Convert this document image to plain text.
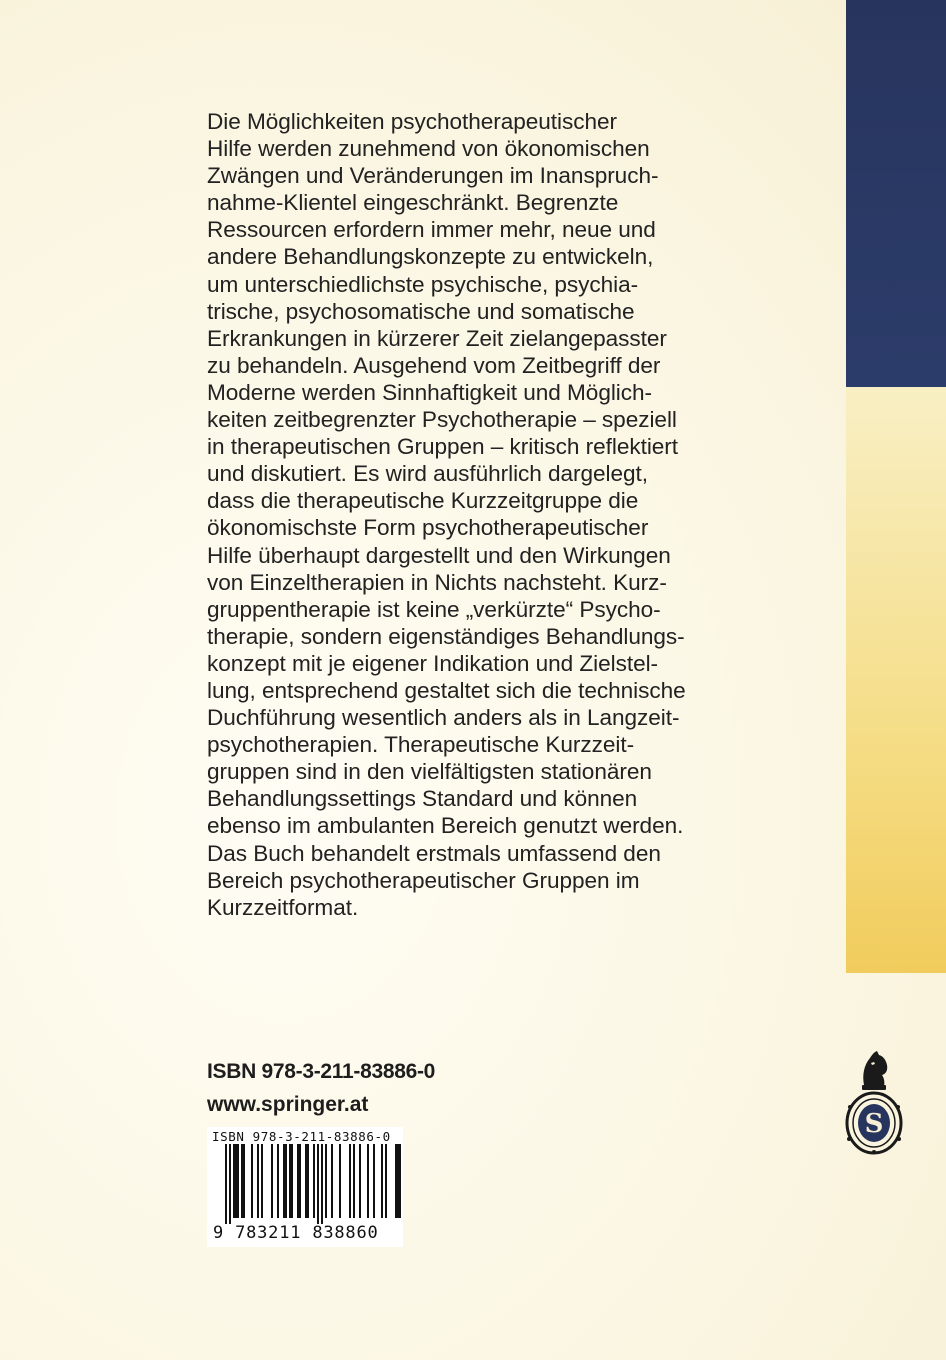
Die Möglichkeiten psychotherapeutischer
Hilfe werden zunehmend von ökonomischen
Zwängen und Veränderungen im Inanspruch-
nahme-Klientel eingeschränkt. Begrenzte
Ressourcen erfordern immer mehr, neue und
andere Behandlungskonzepte zu entwickeln,
um unterschiedlichste psychische, psychia-
trische, psychosomatische und somatische
Erkrankungen in kürzerer Zeit zielangepasster
zu behandeln. Ausgehend vom Zeitbegriff der
Moderne werden Sinnhaftigkeit und Möglich-
keiten zeitbegrenzter Psychotherapie – speziell
in therapeutischen Gruppen – kritisch reflektiert
und diskutiert. Es wird ausführlich dargelegt,
dass die therapeutische Kurzzeitgruppe die
ökonomischste Form psychotherapeutischer
Hilfe überhaupt dargestellt und den Wirkungen
von Einzeltherapien in Nichts nachsteht. Kurz-
gruppentherapie ist keine „verkürzte“ Psycho-
therapie, sondern eigenständiges Behandlungs-
konzept mit je eigener Indikation und Zielstel-
lung, entsprechend gestaltet sich die technische
Duchführung wesentlich anders als in Langzeit-
psychotherapien. Therapeutische Kurzzeit-
gruppen sind in den vielfältigsten stationären
Behandlungssettings Standard und können
ebenso im ambulanten Bereich genutzt werden.
Das Buch behandelt erstmals umfassend den
Bereich psychotherapeutischer Gruppen im
Kurzzeitformat.

ISBN 978-3-211-83886-0
www.springer.at
ISBN 978-3-211-83886-0
9 783211 838860
S
